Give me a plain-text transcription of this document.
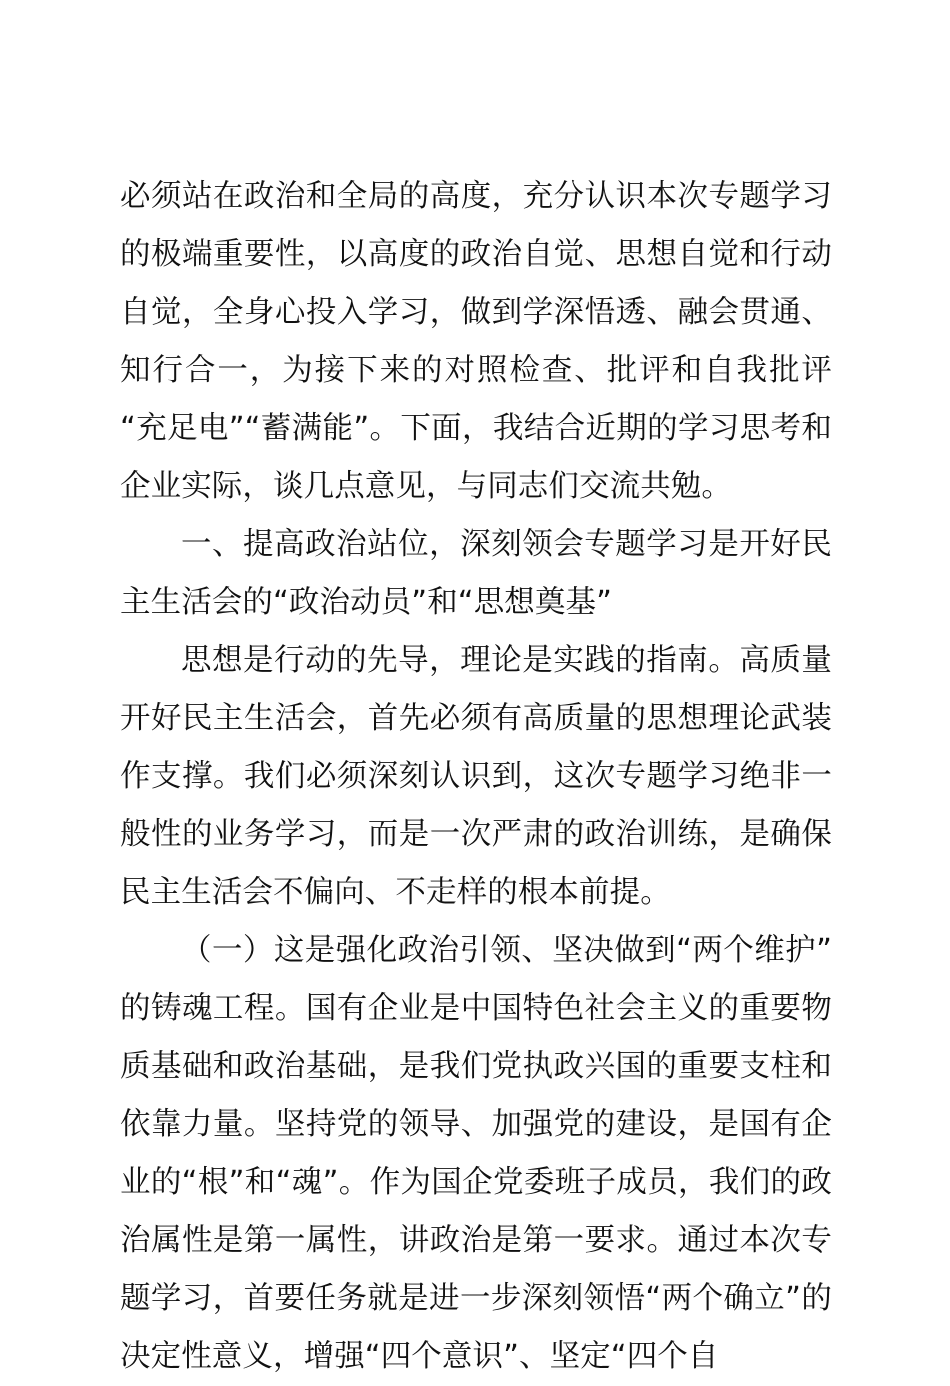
必须站在政治和全局的高度，充分认识本次专题学习的极端重要性，以高度的政治自觉、思想自觉和行动自觉，全身心投入学习，做到学深悟透、融会贯通、知行合一，为接下来的对照检查、批评和自我批评“充足电”“蓄满能”。下面，我结合近期的学习思考和企业实际，谈几点意见，与同志们交流共勉。

一、提高政治站位，深刻领会专题学习是开好民主生活会的“政治动员”和“思想奠基”

思想是行动的先导，理论是实践的指南。高质量开好民主生活会，首先必须有高质量的思想理论武装作支撑。我们必须深刻认识到，这次专题学习绝非一般性的业务学习，而是一次严肃的政治训练，是确保民主生活会不偏向、不走样的根本前提。

（一）这是强化政治引领、坚决做到“两个维护”的铸魂工程。国有企业是中国特色社会主义的重要物质基础和政治基础，是我们党执政兴国的重要支柱和依靠力量。坚持党的领导、加强党的建设，是国有企业的“根”和“魂”。作为国企党委班子成员，我们的政治属性是第一属性，讲政治是第一要求。通过本次专题学习，首要任务就是进一步深刻领悟“两个确立”的决定性意义，增强“四个意识”、坚定“四个自
